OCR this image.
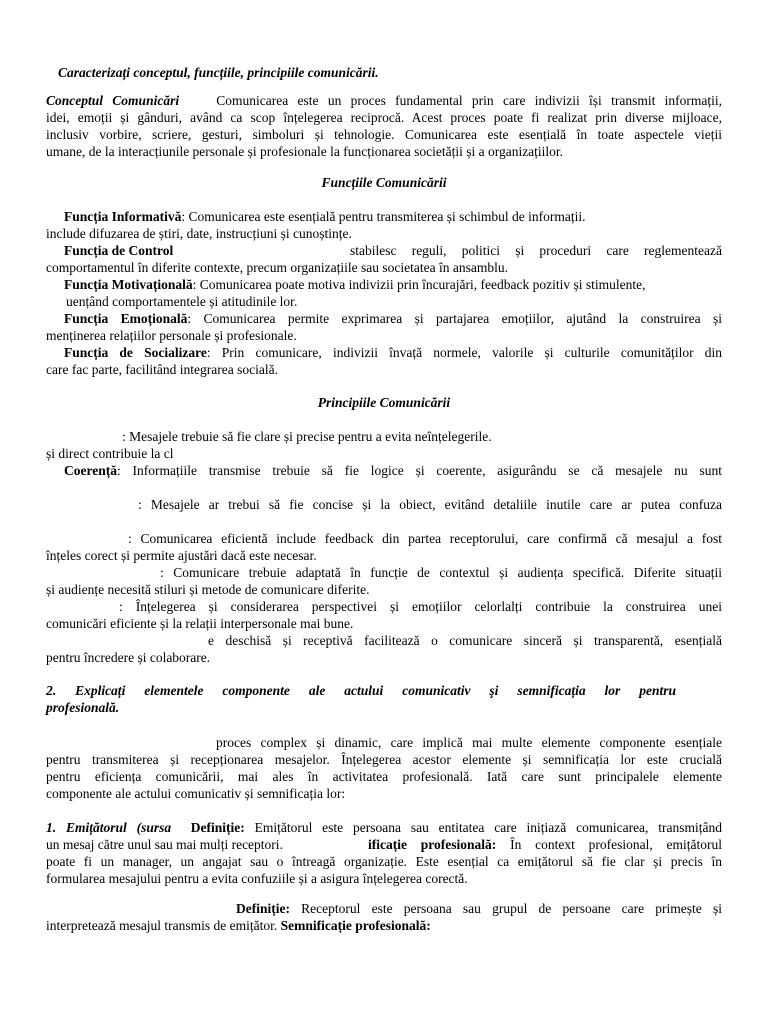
Caracterizați conceptul, funcțiile, principiile comunicării.
Conceptul Comunicări	Comunicarea este un proces fundamental prin care indivizii își transmit informații,
idei, emoții și gânduri, având ca scop înțelegerea reciprocă. Acest proces poate fi realizat prin diverse mijloace,
inclusiv vorbire, scriere, gesturi, simboluri și tehnologie. Comunicarea este esențială în toate aspectele vieții
umane, de la interacțiunile personale și profesionale la funcționarea societății și a organizațiilor.
Funcțiile Comunicării
Funcția Informativă: Comunicarea este esențială pentru transmiterea și schimbul de informații.
include difuzarea de știri, date, instrucțiuni și cunoștințe.
Funcția de Control	stabilesc reguli, politici și proceduri care reglementează
comportamentul în diferite contexte, precum organizațiile sau societatea în ansamblu.
Funcția Motivațională: Comunicarea poate motiva indivizii prin încurajări, feedback pozitiv și stimulente,
uențând comportamentele și atitudinile lor.
Funcția Emoțională: Comunicarea permite exprimarea și partajarea emoțiilor, ajutând la construirea și
menținerea relațiilor personale și profesionale.
Funcția de Socializare: Prin comunicare, indivizii învață normele, valorile și culturile comunităților din
care fac parte, facilitând integrarea socială.
Principiile Comunicării
: Mesajele trebuie să fie clare și precise pentru a evita neînțelegerile.
și direct contribuie la cl
Coerență: Informațiile transmise trebuie să fie logice și coerente, asigurându se că mesajele nu sunt
: Mesajele ar trebui să fie concise și la obiect, evitând detaliile inutile care ar putea confuza
: Comunicarea eficientă include feedback din partea receptorului, care confirmă că mesajul a fost
înțeles corect și permite ajustări dacă este necesar.
: Comunicare trebuie adaptată în funcție de contextul și audiența specifică. Diferite situații
și audiențe necesită stiluri și metode de comunicare diferite.
: Înțelegerea și considerarea perspectivei și emoțiilor celorlalți contribuie la construirea unei
comunicări eficiente și la relații interpersonale mai bune.
e deschisă și receptivă facilitează o comunicare sinceră și transparentă, esențială
pentru încredere și colaborare.
2.  Explicați  elementele  componente  ale  actului  comunicativ  şi  semnificația  lor  pentru
profesională.
proces complex și dinamic, care implică mai multe elemente componente esențiale
pentru transmiterea și recepționarea mesajelor. Înțelegerea acestor elemente și semnificația lor este crucială
pentru eficiența comunicării, mai ales în activitatea profesională. Iată care sunt principalele elemente
componente ale actului comunicativ și semnificația lor:
1. Emițătorul (sursa Definiție: Emițătorul este persoana sau entitatea care inițiază comunicarea, transmițând
un mesaj către unul sau mai mulți receptori.	ificație profesională: În context profesional, emițătorul
poate fi un manager, un angajat sau o întreagă organizație. Este esențial ca emițătorul să fie clar și precis în
formularea mesajului pentru a evita confuziile și a asigura înțelegerea corectă.
Definiție: Receptorul este persoana sau grupul de persoane care primește și
interpretează mesajul transmis de emițător. Semnificație profesională:
